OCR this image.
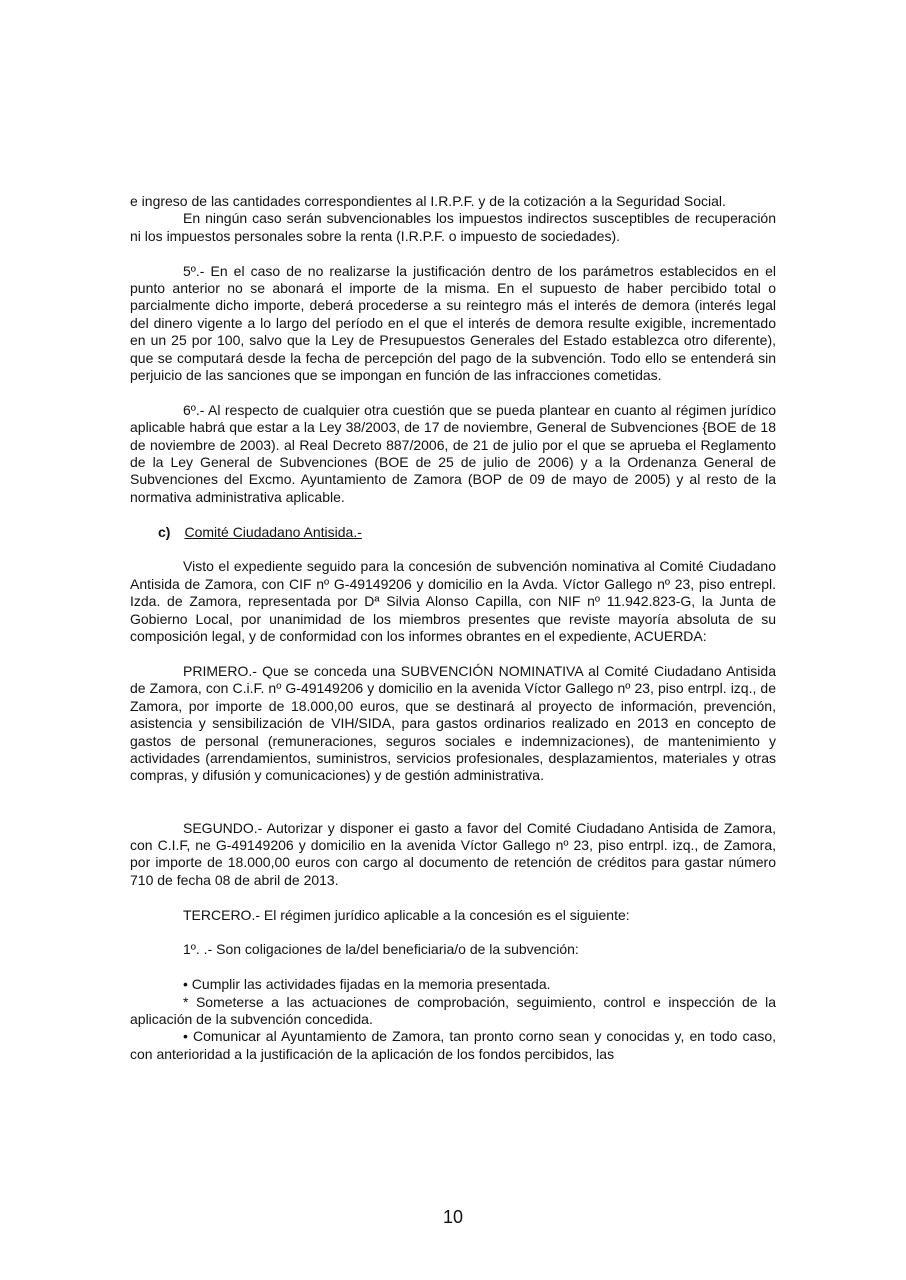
e ingreso de las cantidades correspondientes al I.R.P.F. y de la cotización a la Seguridad Social.

En ningún caso serán subvencionables los impuestos indirectos susceptibles de recuperación ni los impuestos personales sobre la renta (I.R.P.F. o impuesto de sociedades).

5º.- En el caso de no realizarse la justificación dentro de los parámetros establecidos en el punto anterior no se abonará el importe de la misma. En el supuesto de haber percibido total o parcialmente dicho importe, deberá procederse a su reintegro más el interés de demora (interés legal del dinero vigente a lo largo del período en el que el interés de demora resulte exigible, incrementado en un 25 por 100, salvo que la Ley de Presupuestos Generales del Estado establezca otro diferente), que se computará desde la fecha de percepción del pago de la subvención. Todo ello se entenderá sin perjuicio de las sanciones que se impongan en función de las infracciones cometidas.

6º.- Al respecto de cualquier otra cuestión que se pueda plantear en cuanto al régimen jurídico aplicable habrá que estar a la Ley 38/2003, de 17 de noviembre, General de Subvenciones {BOE de 18 de noviembre de 2003). al Real Decreto 887/2006, de 21 de julio por el que se aprueba el Reglamento de la Ley General de Subvenciones (BOE de 25 de julio de 2006) y a la Ordenanza General de Subvenciones del Excmo. Ayuntamiento de Zamora (BOP de 09 de mayo de 2005) y al resto de la normativa administrativa aplicable.

c) Comité Ciudadano Antisida.-

Visto el expediente seguido para la concesión de subvención nominativa al Comité Ciudadano Antisida de Zamora, con CIF nº G-49149206 y domicilio en la Avda. Víctor Gallego nº 23, piso entrepl. Izda. de Zamora, representada por Dª Silvia Alonso Capilla, con NIF nº 11.942.823-G, la Junta de Gobierno Local, por unanimidad de los miembros presentes que reviste mayoría absoluta de su composición legal, y de conformidad con los informes obrantes en el expediente, ACUERDA:

PRIMERO.- Que se conceda una SUBVENCIÓN NOMINATIVA al Comité Ciudadano Antisida de Zamora, con C.i.F. nº G-49149206 y domicilio en la avenida Víctor Gallego nº 23, piso entrpl. izq., de Zamora, por importe de 18.000,00 euros, que se destinará al proyecto de información, prevención, asistencia y sensibilización de VIH/SIDA, para gastos ordinarios realizado en 2013 en concepto de gastos de personal (remuneraciones, seguros sociales e indemnizaciones), de mantenimiento y actividades (arrendamientos, suministros, servicios profesionales, desplazamientos, materiales y otras compras, y difusión y comunicaciones) y de gestión administrativa.

SEGUNDO.- Autorizar y disponer ei gasto a favor del Comité Ciudadano Antisida de Zamora, con C.I.F, ne G-49149206 y domicilio en la avenida Víctor Gallego nº 23, piso entrpl. izq., de Zamora, por importe de 18.000,00 euros con cargo al documento de retención de créditos para gastar número 710 de fecha 08 de abril de 2013.

TERCERO.- El régimen jurídico aplicable a la concesión es el siguiente:

1º. .- Son coligaciones de la/del beneficiaria/o de la subvención:

• Cumplir las actividades fijadas en la memoria presentada.

* Someterse a las actuaciones de comprobación, seguimiento, control e inspección de la aplicación de la subvención concedida.

• Comunicar al Ayuntamiento de Zamora, tan pronto corno sean y conocidas y, en todo caso, con anterioridad a la justificación de la aplicación de los fondos percibidos, las

10
